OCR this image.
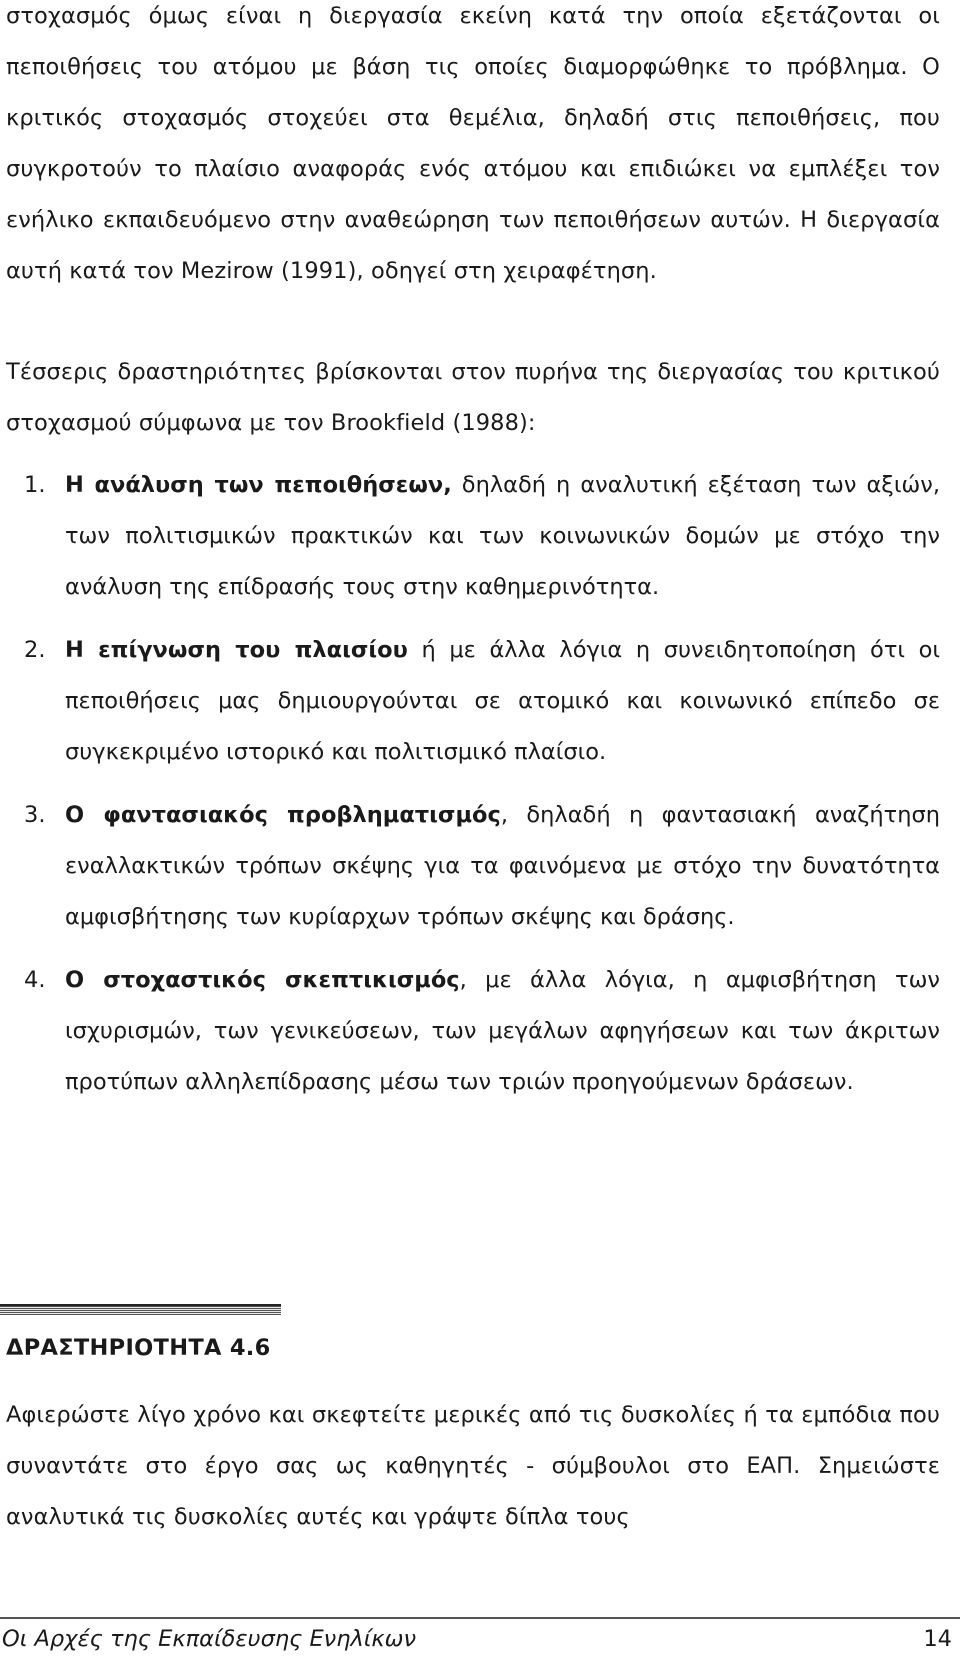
στοχασμός όμως είναι η διεργασία εκείνη κατά την οποία εξετάζονται οι πεποιθήσεις του ατόμου με βάση τις οποίες διαμορφώθηκε το πρόβλημα. Ο κριτικός στοχασμός στοχεύει στα θεμέλια, δηλαδή στις πεποιθήσεις, που συγκροτούν το πλαίσιο αναφοράς ενός ατόμου και επιδιώκει να εμπλέξει τον ενήλικο εκπαιδευόμενο στην αναθεώρηση των πεποιθήσεων αυτών. Η διεργασία αυτή κατά τον Mezirow (1991), οδηγεί στη χειραφέτηση.

Τέσσερις δραστηριότητες βρίσκονται στον πυρήνα της διεργασίας του κριτικού στοχασμού σύμφωνα με τον Brookfield (1988):

1. Η ανάλυση των πεποιθήσεων, δηλαδή η αναλυτική εξέταση των αξιών, των πολιτισμικών πρακτικών και των κοινωνικών δομών με στόχο την ανάλυση της επίδρασής τους στην καθημερινότητα.
2. Η επίγνωση του πλαισίου ή με άλλα λόγια η συνειδητοποίηση ότι οι πεποιθήσεις μας δημιουργούνται σε ατομικό και κοινωνικό επίπεδο σε συγκεκριμένο ιστορικό και πολιτισμικό πλαίσιο.
3. Ο φαντασιακός προβληματισμός, δηλαδή η φαντασιακή αναζήτηση εναλλακτικών τρόπων σκέψης για τα φαινόμενα με στόχο την δυνατότητα αμφισβήτησης των κυρίαρχων τρόπων σκέψης και δράσης.
4. Ο στοχαστικός σκεπτικισμός, με άλλα λόγια, η αμφισβήτηση των ισχυρισμών, των γενικεύσεων, των μεγάλων αφηγήσεων και των άκριτων προτύπων αλληλεπίδρασης μέσω των τριών προηγούμενων δράσεων.
ΔΡΑΣΤΗΡΙΟΤΗΤΑ 4.6

Αφιερώστε λίγο χρόνο και σκεφτείτε μερικές από τις δυσκολίες ή τα εμπόδια που συναντάτε στο έργο σας ως καθηγητές - σύμβουλοι στο ΕΑΠ. Σημειώστε αναλυτικά τις δυσκολίες αυτές και γράψτε δίπλα τους

Οι Αρχές της Εκπαίδευσης Ενηλίκων	14
